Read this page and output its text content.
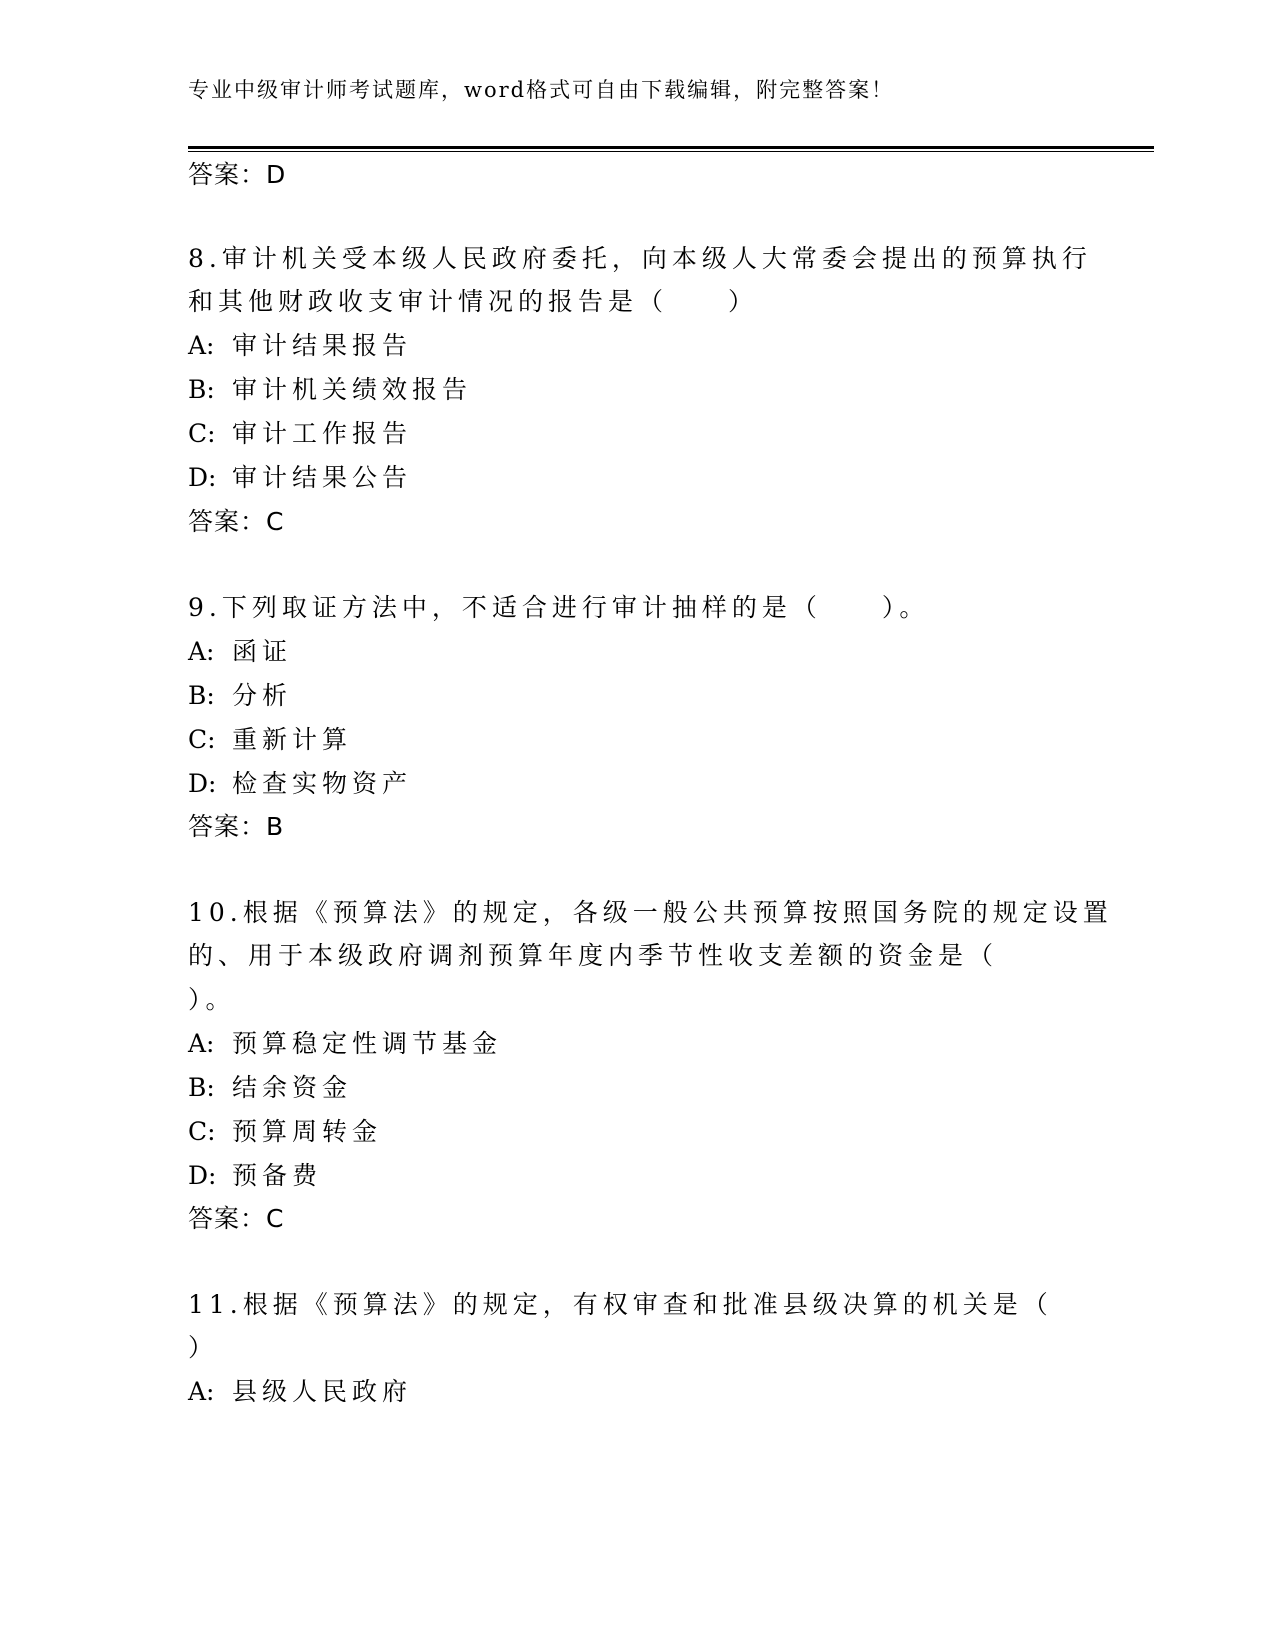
专业中级审计师考试题库，word格式可自由下载编辑，附完整答案！
答案：D
8.审计机关受本级人民政府委托，向本级人大常委会提出的预算执行
和其他财政收支审计情况的报告是（　　）
A: 审计结果报告
B: 审计机关绩效报告
C: 审计工作报告
D: 审计结果公告
答案：C
9.下列取证方法中，不适合进行审计抽样的是（　　）。
A: 函证
B: 分析
C: 重新计算
D: 检查实物资产
答案：B
10.根据《预算法》的规定，各级一般公共预算按照国务院的规定设置
的、用于本级政府调剂预算年度内季节性收支差额的资金是（
）。
A: 预算稳定性调节基金
B: 结余资金
C: 预算周转金
D: 预备费
答案：C
11.根据《预算法》的规定，有权审查和批准县级决算的机关是（
）
A: 县级人民政府
